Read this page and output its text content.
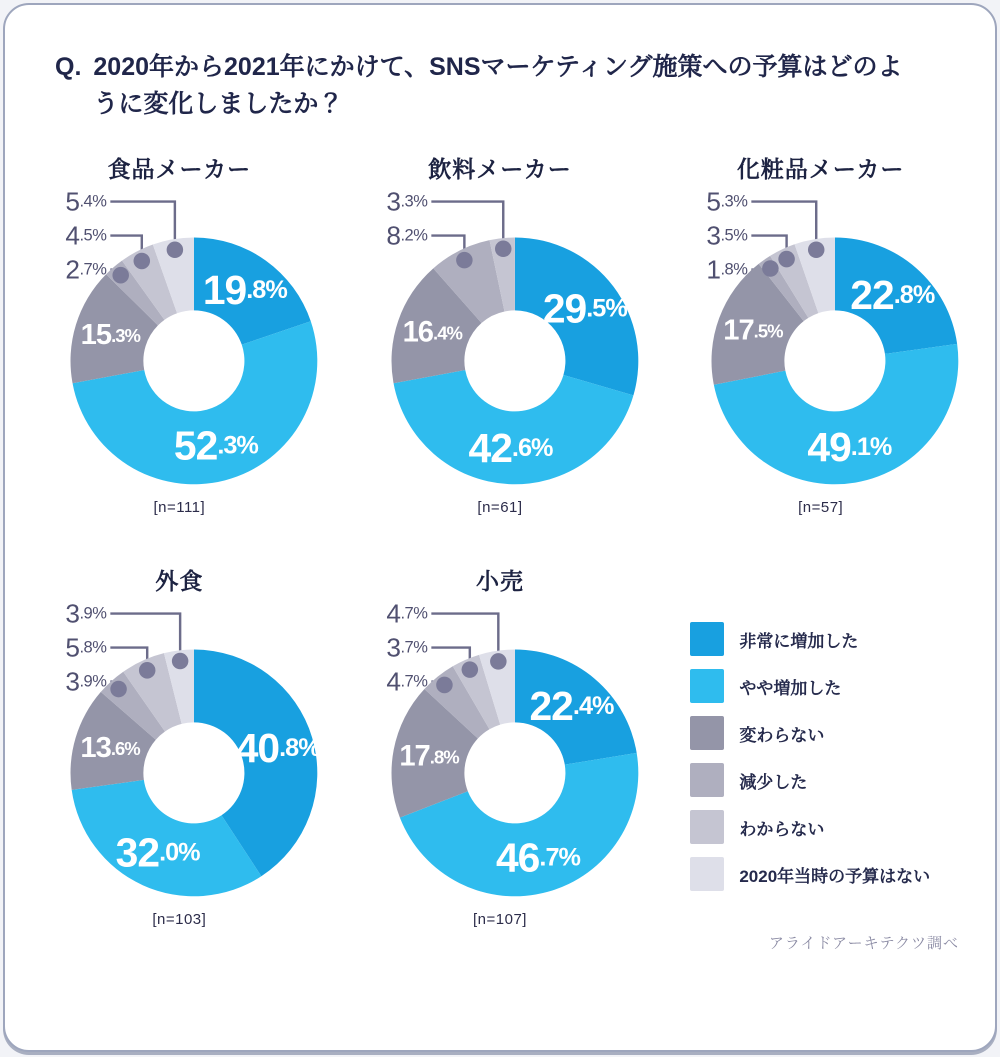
Q. 2020年から2021年にかけて、SNSマーケティング施策への予算はどのよ
うに変化しましたか？
食品メーカー
19.8%
52.3%
15.3%
5.4%
4.5%
2.7%
[n=111]
飲料メーカー
29.5%
42.6%
16.4%
3.3%
8.2%
[n=61]
化粧品メーカー
22.8%
49.1%
17.5%
5.3%
3.5%
1.8%
[n=57]
外食
40.8%
32.0%
13.6%
3.9%
5.8%
3.9%
[n=103]
小売
22.4%
46.7%
17.8%
4.7%
3.7%
4.7%
[n=107]
非常に増加した
やや増加した
変わらない
減少した
わからない
2020年当時の予算はない
アライドアーキテクツ調べ
